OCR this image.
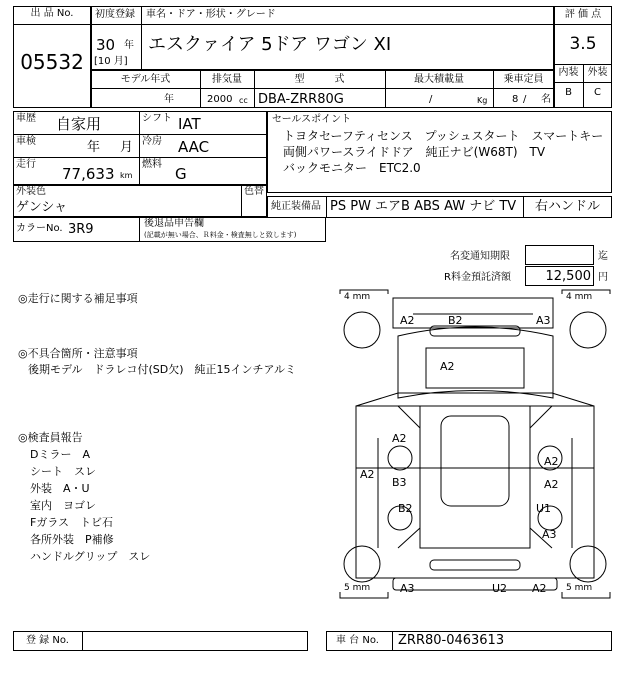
出 品 No.
05532
初度登録 車名・ドア・形状・グレード
30 年
[10 月]
エスクァイア 5ドア ワゴン XI
評 価 点
3.5
内装 外装
B	C
モデル年式	排気量	型　　　式	最大積載量	乗車定員
年	2000 cc DBA-ZRR80G	/	Kg 8 / 名
車歴 自家用	シフト IAT
車検	年 月 冷房 AAC
走行
77,633 km
燃料
G
外装色
ゲンシャ
色替
カラーNo. 3R9	後退品申告欄
(記載が無い場合、Ｒ料金・検査無しと致します)
セールスポイント
トヨタセーフティセンス　プッシュスタート　スマートキー
両側パワースライドドア　純正ナビ(W68T)　TV
バックモニター　ETC2.0
純正装備品 PS PW エアB ABS AW ナビ TV 右ハンドル
名変通知期限	迄
R料金預託済額	12,500 円
◎走行に関する補足事項
◎不具合箇所・注意事項
後期モデル　ドラレコ付(SD欠)　純正15インチアルミ
◎検査員報告
Dミラー　A
シート　スレ
外装　A・U
室内　ヨゴレ
Fガラス　トビ石
各所外装　P補修
ハンドルグリップ　スレ
4 mm	4 mm
5 mm	5 mm
A2	B2	A3
A2
A2
A2
B3
B2
A2
A2
U1
A3
A3	U2 A2
登 録 No.	車 台 No. ZRR80-0463613
